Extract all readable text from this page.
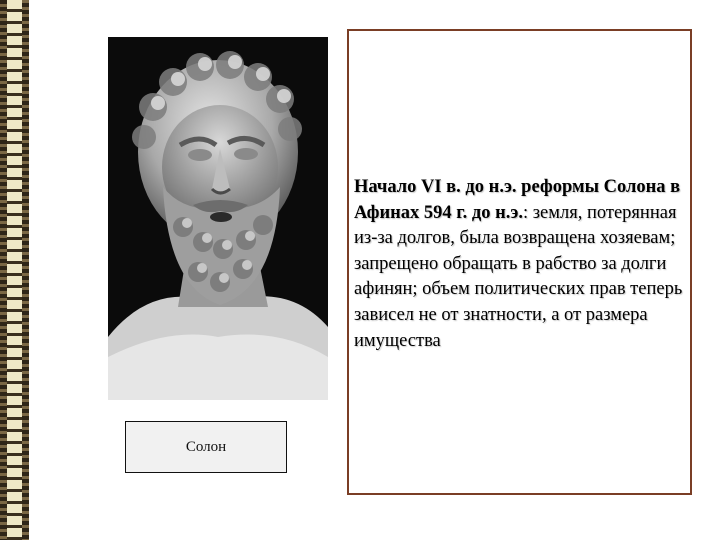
Солон
Начало VI в. до н.э. реформы Солона в Афинах 594 г. до н.э.: земля, потерянная из-за долгов, была возвращена хозяевам; запрещено обращать в рабство за долги афинян; объем политических прав теперь зависел не от знатности, а от размера имущества
